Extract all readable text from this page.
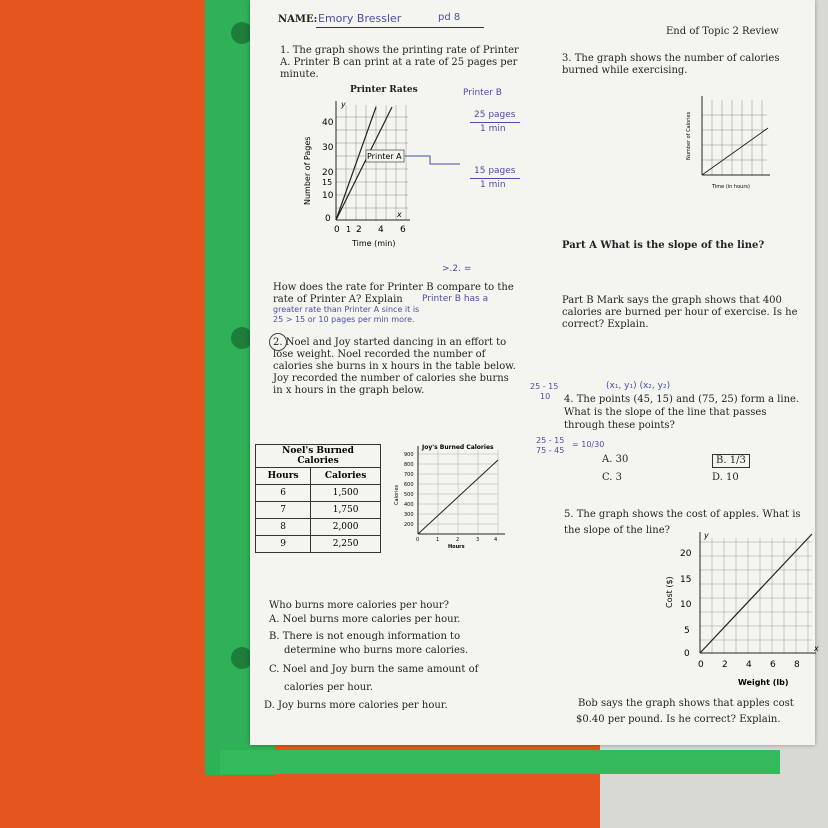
NAME: Emory Bressler	pd 8
End of Topic 2 Review
1. The graph shows the printing rate of Printer
A. Printer B can print at a rate of 25 pages per
minute.
Printer Rates
40
30
20
15
10
0
0 1 2 4 6
x
y
Printer A
Number of Pages
Time (min)
Printer B
25 pages
1 min
15 pages
1 min
>.2. =
How does the rate for Printer B compare to the
rate of Printer A? Explain Printer B has a
greater rate than Printer A since it is
25 > 15 or 10 pages per min more.
2. Noel and Joy started dancing in an effort to
lose weight. Noel recorded the number of
calories she burns in x hours in the table below.
Joy recorded the number of calories she burns
in x hours in the graph below.
Noel's Burned Calories	
Hours	Calories
6	1,500
7	1,750
8	2,000
9	2,250
Joy's Burned Calories
900
800
700
600
500
400
300
200
0	1	2	3	4
Hours
Calories
Who burns more calories per hour?
A. Noel burns more calories per hour.
B. There is not enough information to
determine who burns more calories.
C. Noel and Joy burn the same amount of
calories per hour.
D. Joy burns more calories per hour.
3. The graph shows the number of calories
burned while exercising.
Number of Calories
Time (in hours)
Part A What is the slope of the line?
Part B Mark says the graph shows that 400
calories are burned per hour of exercise. Is he
correct? Explain.
25 - 15
10
(x₁, y₁) (x₂, y₂)
4. The points (45, 15) and (75, 25) form a line.
What is the slope of the line that passes
through these points?
25 - 15
75 - 45
= 10/30
A. 30	B. 1/3
C. 3	D. 10
5. The graph shows the cost of apples. What is
the slope of the line?	y
x
20
15
10
5
0
0 2 4 6 8
Cost ($)
Weight (lb)
Bob says the graph shows that apples cost
$0.40 per pound. Is he correct? Explain.
